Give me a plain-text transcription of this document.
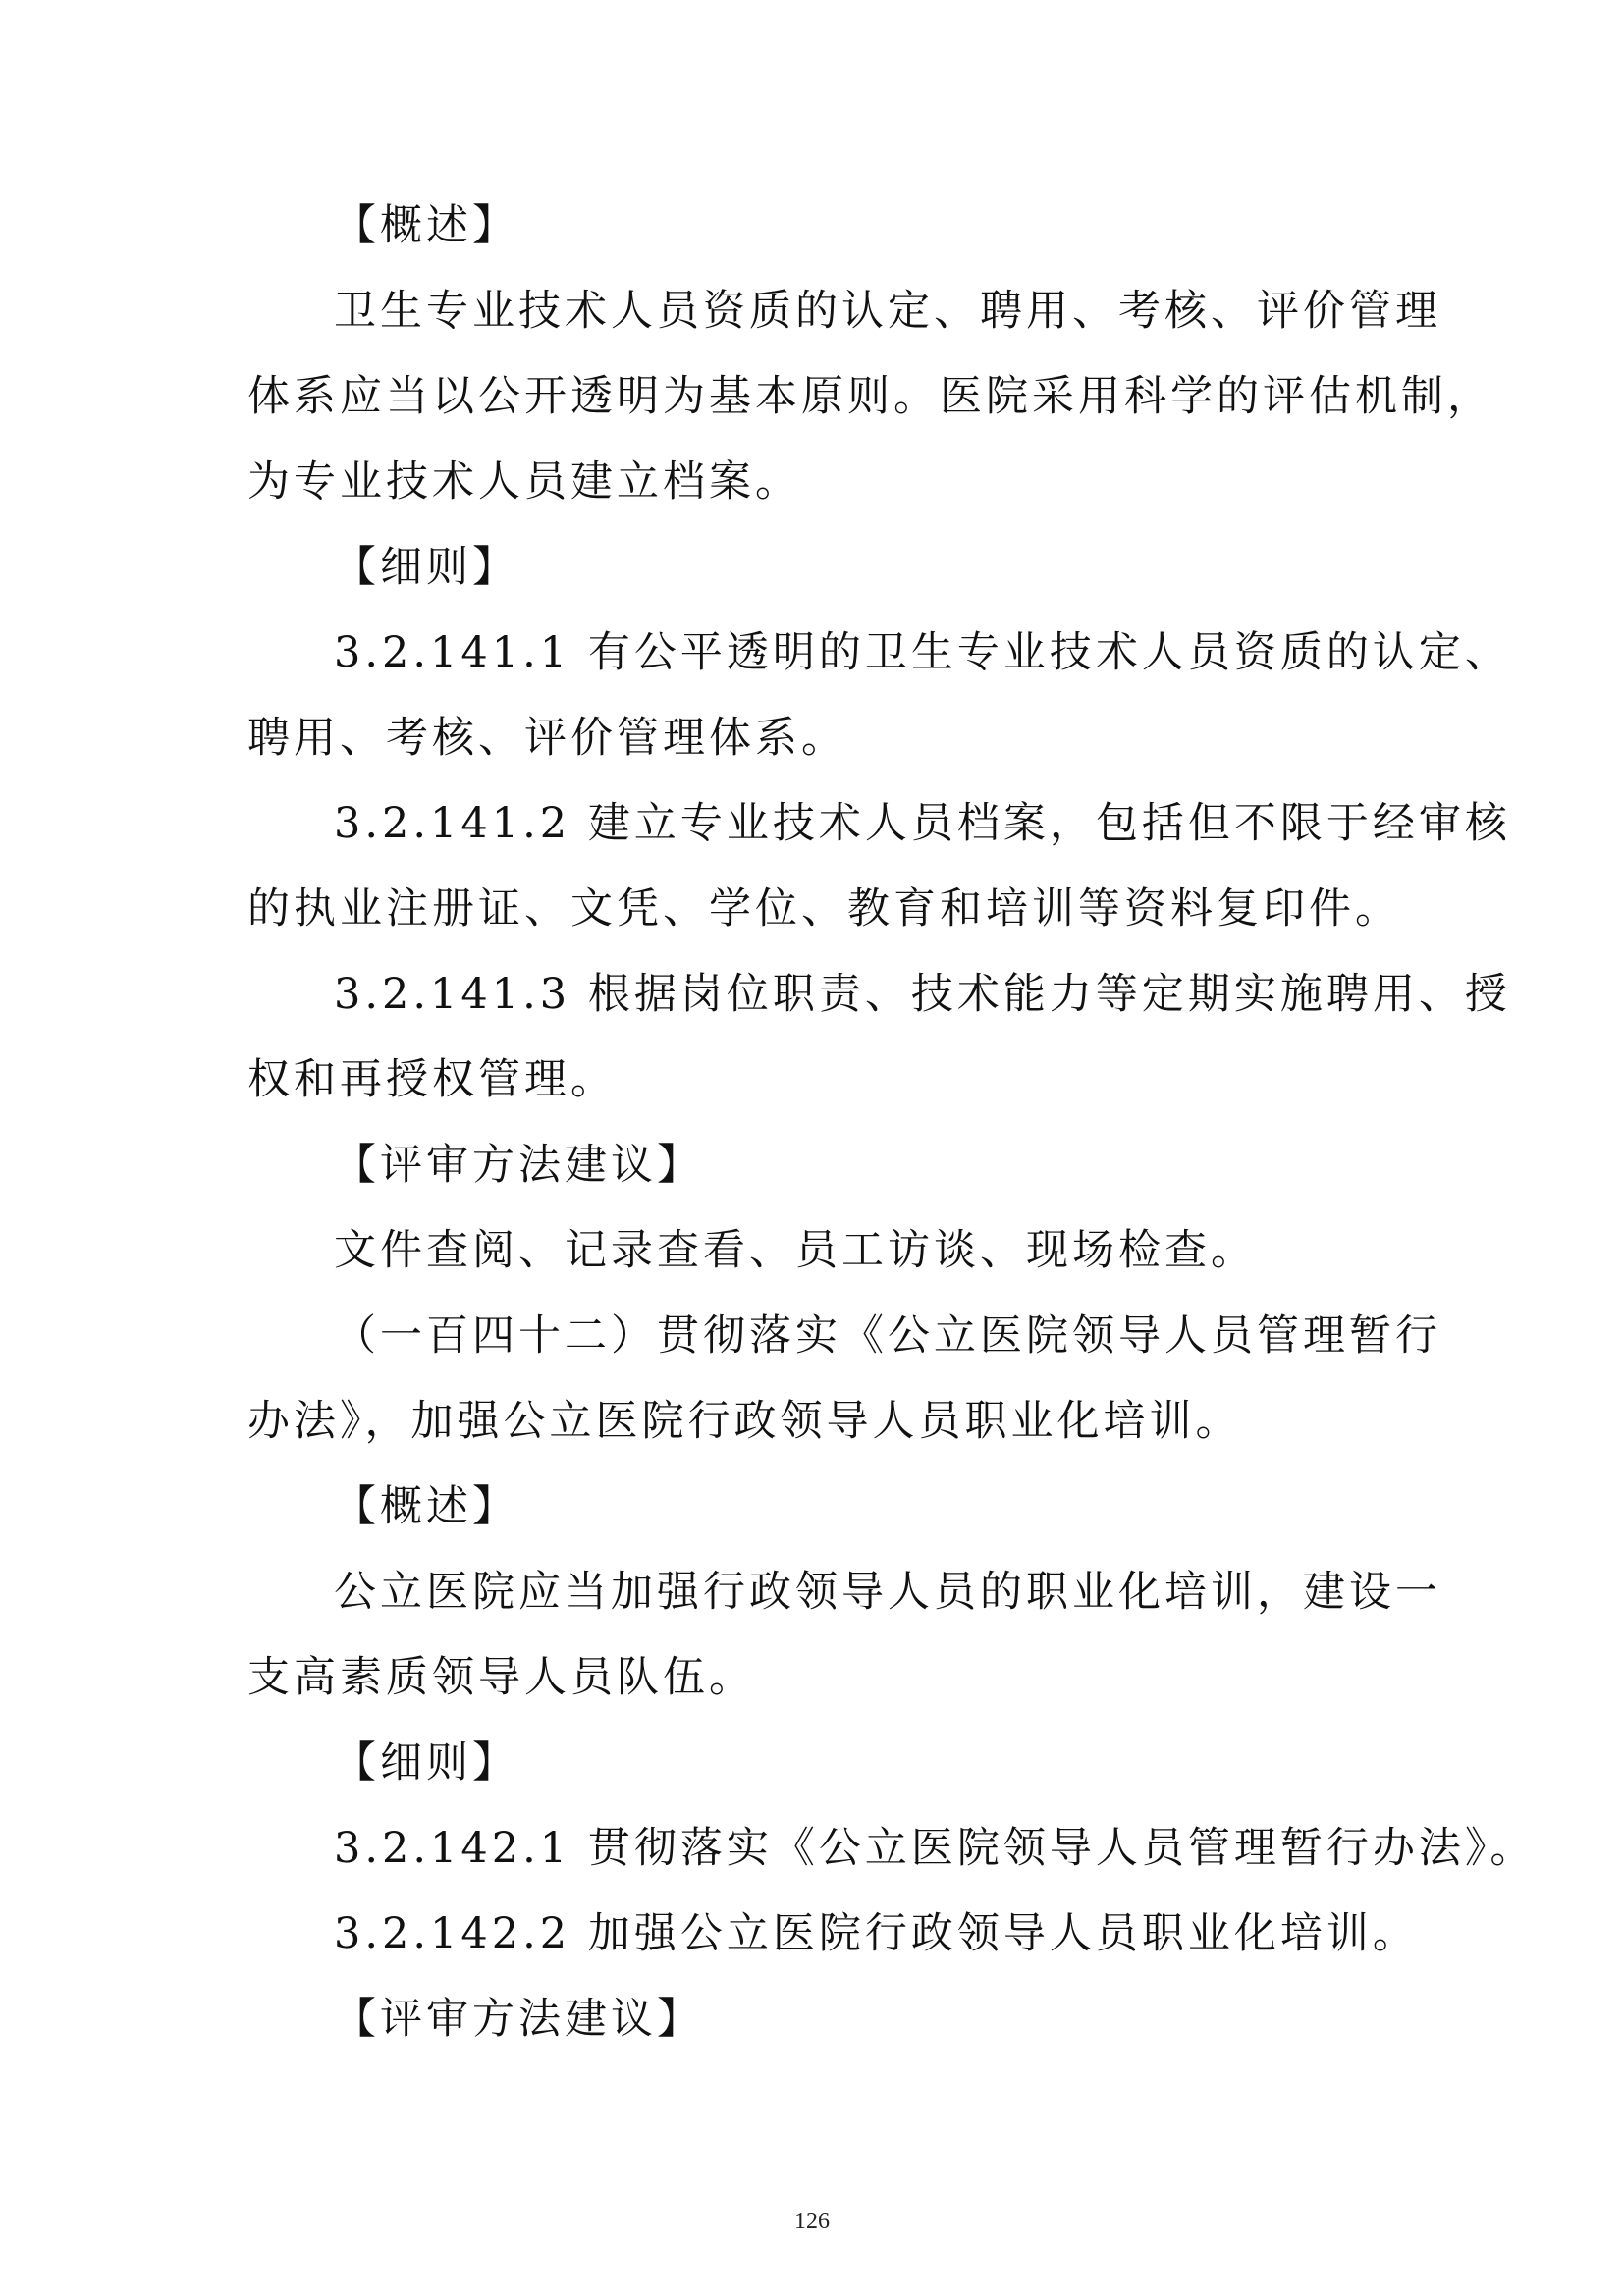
【概述】
卫生专业技术人员资质的认定、聘用、考核、评价管理
体系应当以公开透明为基本原则。医院采用科学的评估机制，
为专业技术人员建立档案。
【细则】
3.2.141.1 有公平透明的卫生专业技术人员资质的认定、
聘用、考核、评价管理体系。
3.2.141.2 建立专业技术人员档案，包括但不限于经审核
的执业注册证、文凭、学位、教育和培训等资料复印件。
3.2.141.3 根据岗位职责、技术能力等定期实施聘用、授
权和再授权管理。
【评审方法建议】
文件查阅、记录查看、员工访谈、现场检查。
（一百四十二）贯彻落实《公立医院领导人员管理暂行
办法》，加强公立医院行政领导人员职业化培训。
【概述】
公立医院应当加强行政领导人员的职业化培训，建设一
支高素质领导人员队伍。
【细则】
3.2.142.1 贯彻落实《公立医院领导人员管理暂行办法》。
3.2.142.2 加强公立医院行政领导人员职业化培训。
【评审方法建议】
126
